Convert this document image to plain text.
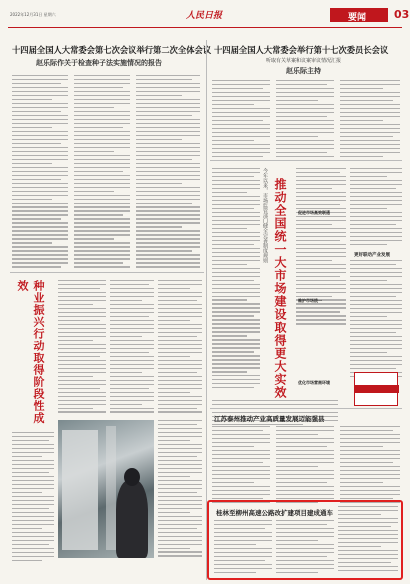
2022年12月31日 星期六	人民日报	要闻	03
十四届全国人大常委会第七次会议举行第二次全体会议
赵乐际作关于检查种子法实施情况的报告
十四届全国人大常委会举行第十七次委员长会议
听取有关草案和议案审议情况汇报
赵乐际主持
种业振兴行动取得阶段性成效	推动全国统一大市场建设取得更大实效
今年以来，市场监管部门健全完善制度规则	更好联动产业发展
促进市场高效联通
维护市场统一
优化市场营商环境
江苏泰州推动产业高质量发展迈能强县
桂林至柳州高速公路改扩建项目建成通车
